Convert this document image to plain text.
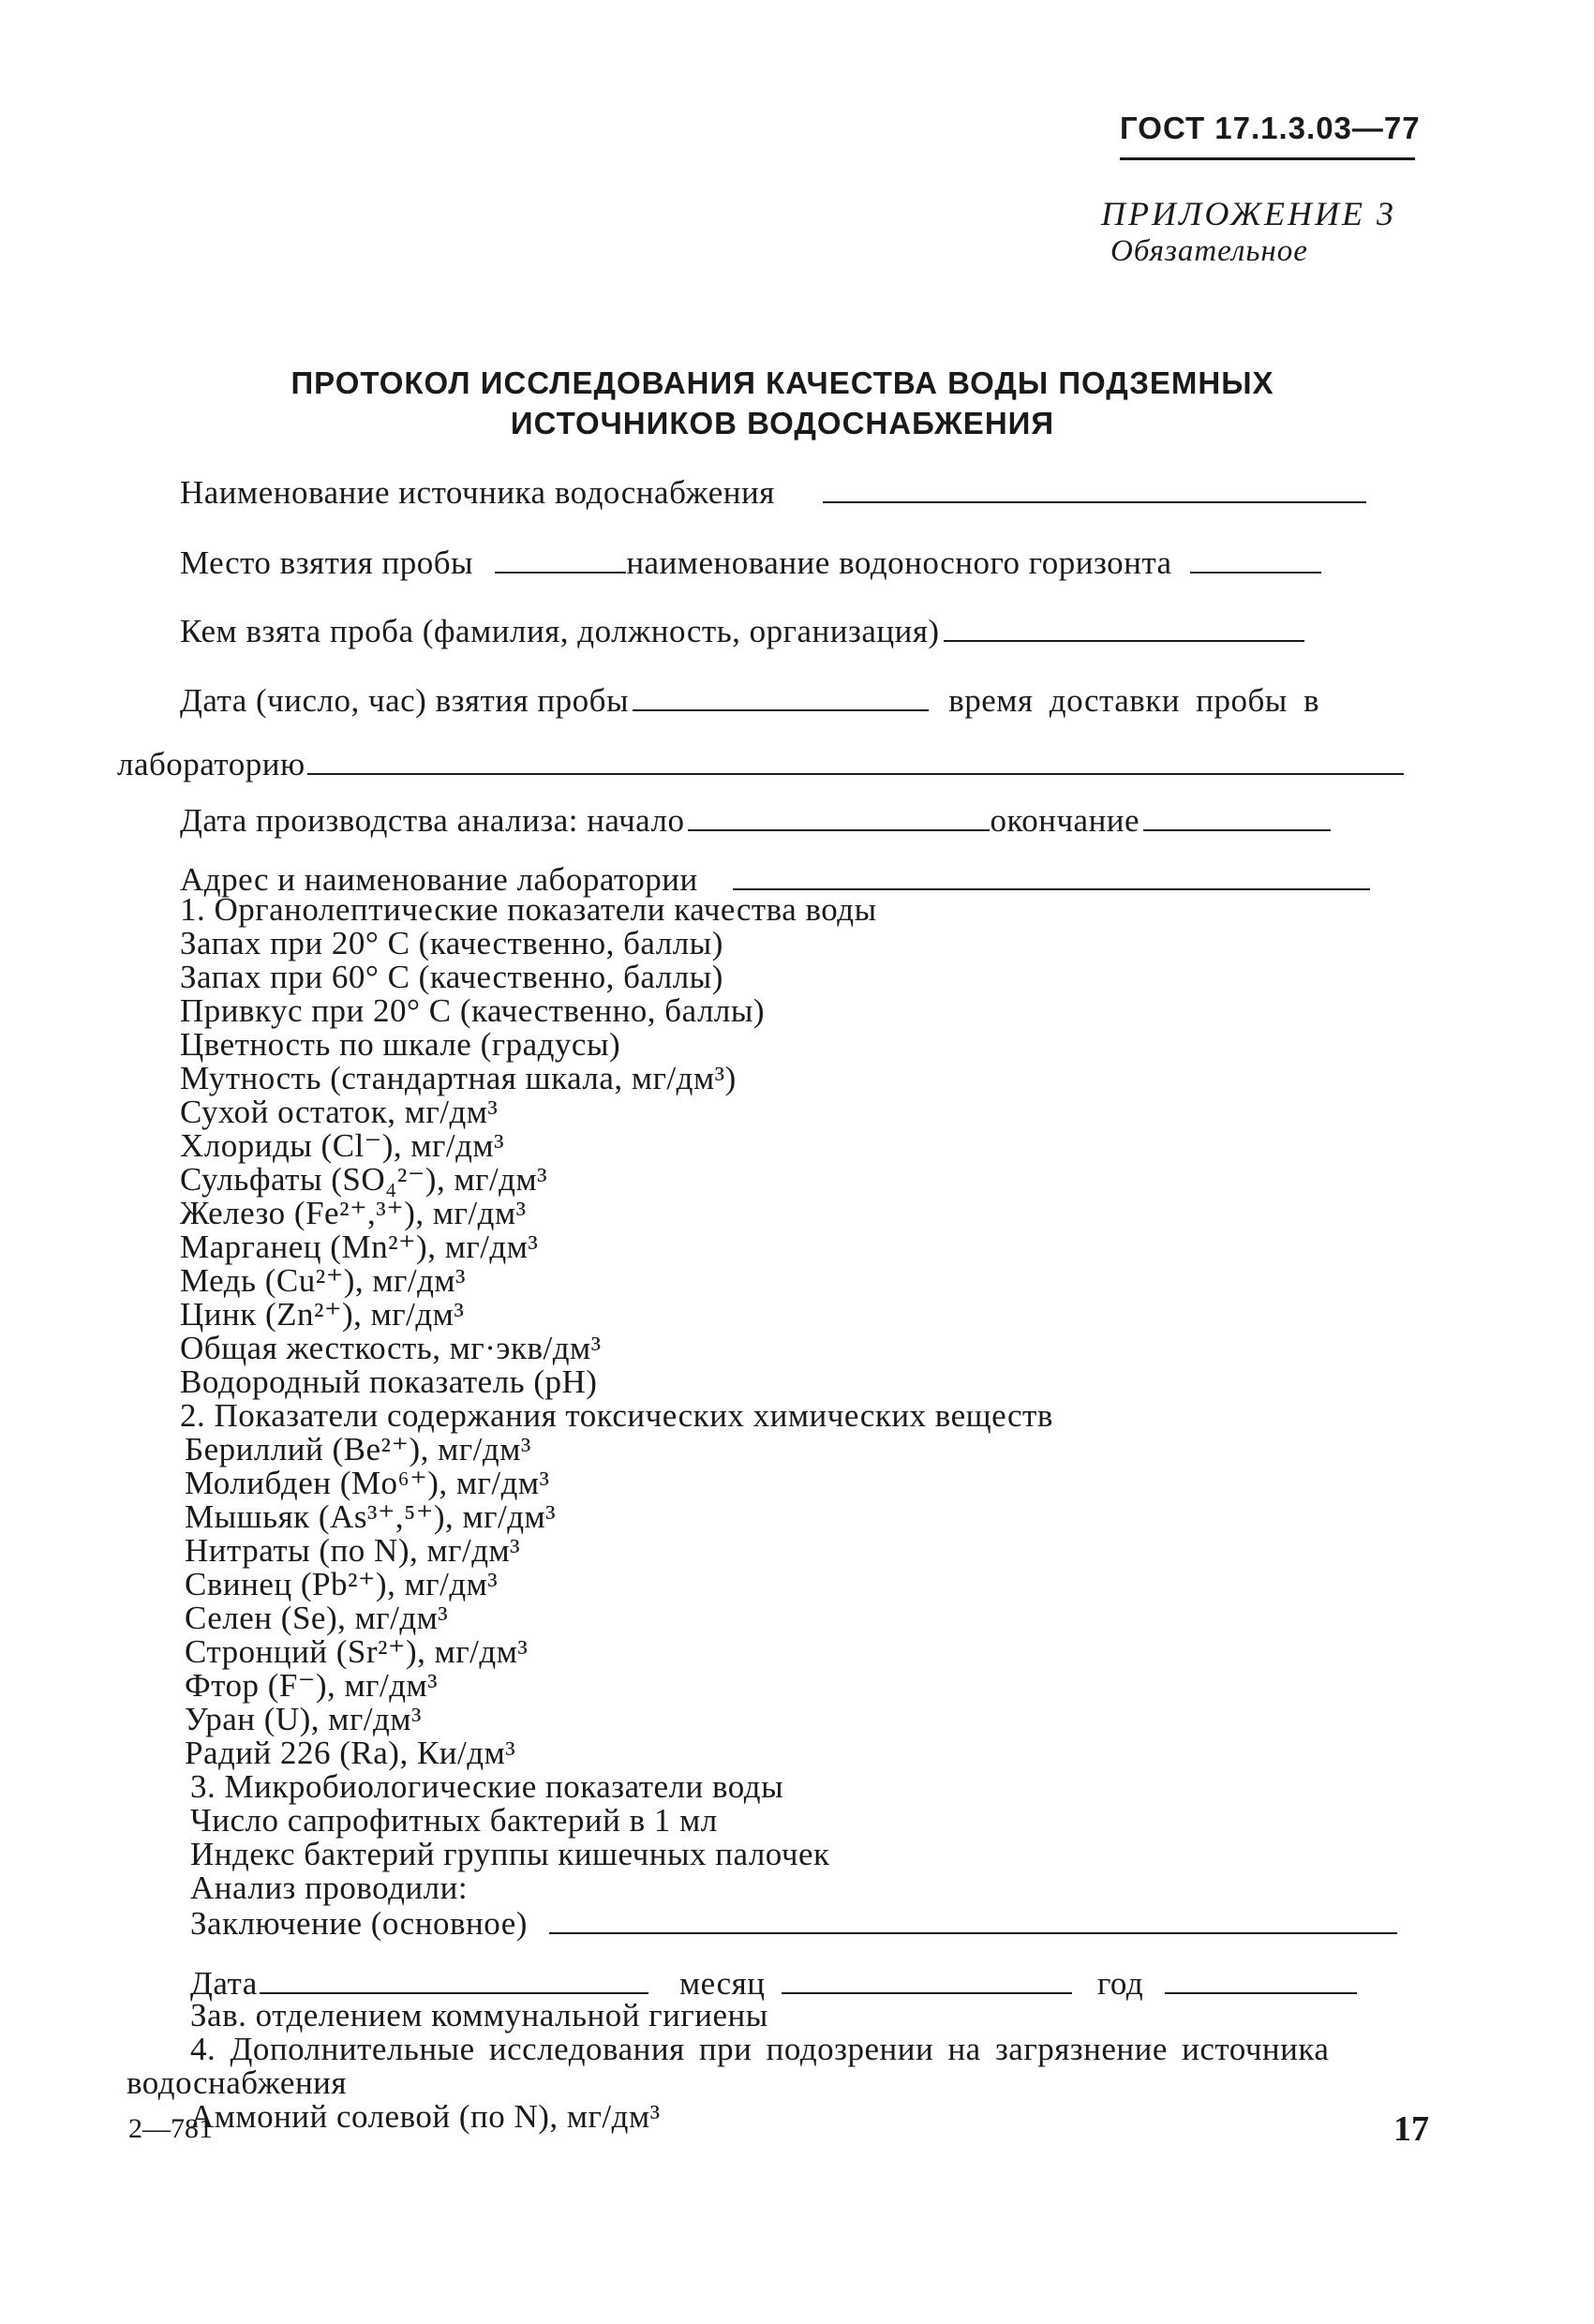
ГОСТ 17.1.3.03—77
ПРИЛОЖЕНИЕ 3
Обязательное
ПРОТОКОЛ ИССЛЕДОВАНИЯ КАЧЕСТВА ВОДЫ ПОДЗЕМНЫХ
ИСТОЧНИКОВ ВОДОСНАБЖЕНИЯ
Наименование источника водоснабжения
Место взятия пробы	наименование водоносного горизонта
Кем взята проба (фамилия, должность, организация)
Дата (число, час) взятия пробы	время доставки пробы в
лабораторию
Дата производства анализа: начало	окончание
Адрес и наименование лаборатории
1. Органолептические показатели качества воды
Запах при 20° С (качественно, баллы)
Запах при 60° С (качественно, баллы)
Привкус при 20° С (качественно, баллы)
Цветность по шкале (градусы)
Мутность (стандартная шкала, мг/дм³)
Сухой остаток, мг/дм³
Хлориды (Cl⁻), мг/дм³
Сульфаты (SO₄²⁻), мг/дм³
Железо (Fe²⁺,³⁺), мг/дм³
Марганец (Mn²⁺), мг/дм³
Медь (Cu²⁺), мг/дм³
Цинк (Zn²⁺), мг/дм³
Общая жесткость, мг·экв/дм³
Водородный показатель (pH)
2. Показатели содержания токсических химических веществ
Бериллий (Be²⁺), мг/дм³
Молибден (Mo⁶⁺), мг/дм³
Мышьяк (As³⁺,⁵⁺), мг/дм³
Нитраты (по N), мг/дм³
Свинец (Pb²⁺), мг/дм³
Селен (Se), мг/дм³
Стронций (Sr²⁺), мг/дм³
Фтор (F⁻), мг/дм³
Уран (U), мг/дм³
Радий 226 (Ra), Ки/дм³
3. Микробиологические показатели воды
Число сапрофитных бактерий в 1 мл
Индекс бактерий группы кишечных палочек
Анализ проводили:
Заключение (основное)
Дата	месяц	год
Зав. отделением коммунальной гигиены
4. Дополнительные исследования при подозрении на загрязнение источника
водоснабжения
Аммоний солевой (по N), мг/дм³
2—781	17
